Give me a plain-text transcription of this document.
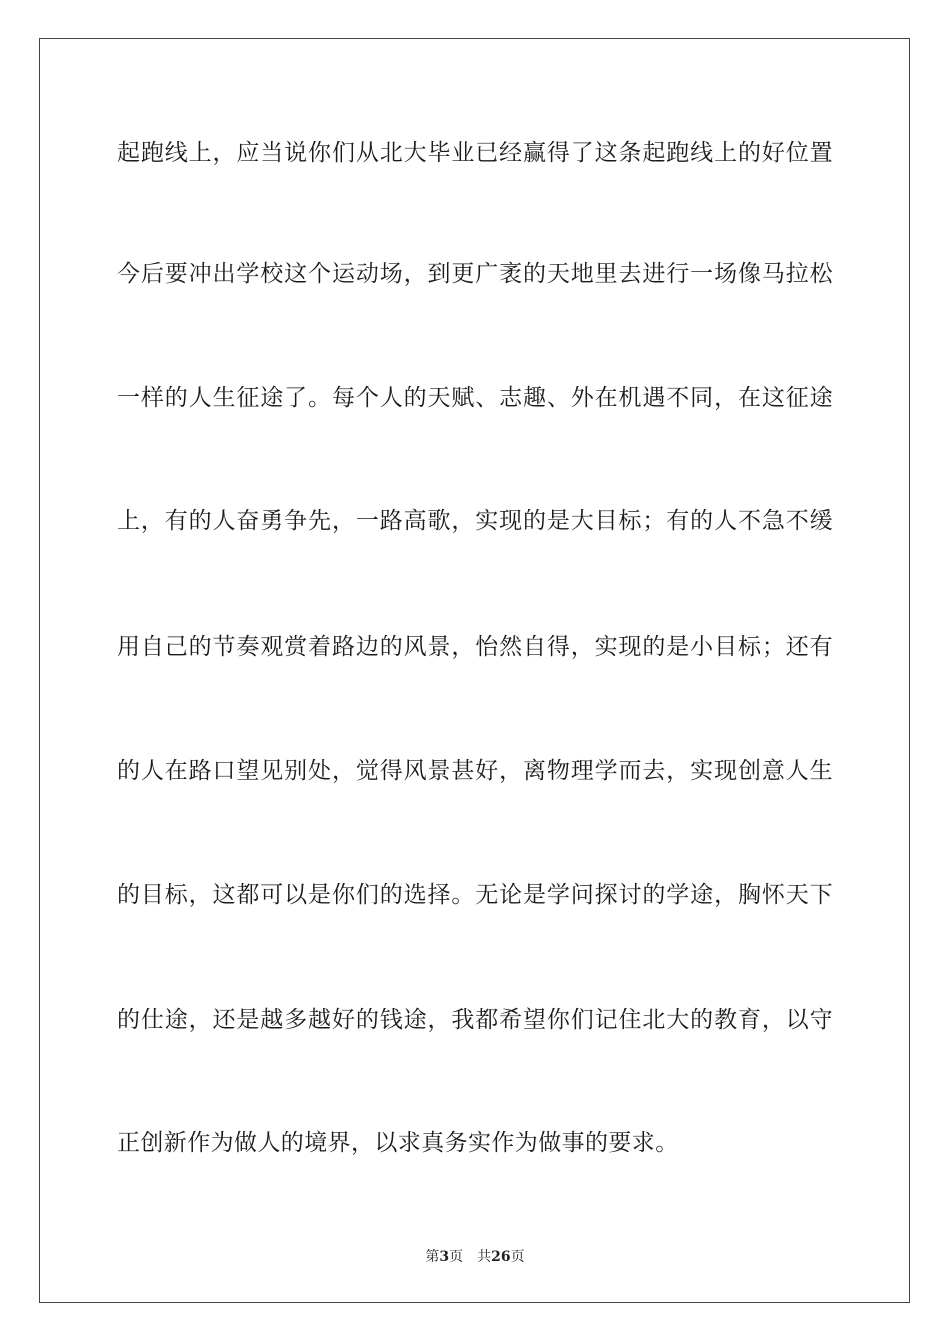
起跑线上，应当说你们从北大毕业已经赢得了这条起跑线上的好位置
今后要冲出学校这个运动场，到更广袤的天地里去进行一场像马拉松
一样的人生征途了。每个人的天赋、志趣、外在机遇不同，在这征途
上，有的人奋勇争先，一路高歌，实现的是大目标；有的人不急不缓
用自己的节奏观赏着路边的风景，怡然自得，实现的是小目标；还有
的人在路口望见别处，觉得风景甚好，离物理学而去，实现创意人生
的目标，这都可以是你们的选择。无论是学问探讨的学途，胸怀天下
的仕途，还是越多越好的钱途，我都希望你们记住北大的教育，以守
正创新作为做人的境界，以求真务实作为做事的要求。
第3页 共26页
